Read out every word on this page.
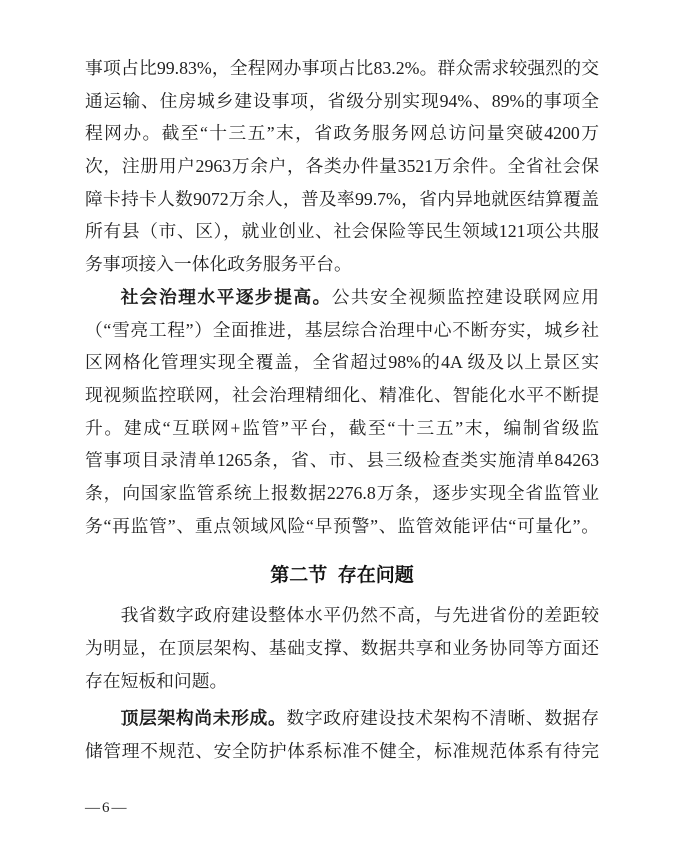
事项占比99.83%，全程网办事项占比83.2%。群众需求较强烈的交
通运输、住房城乡建设事项，省级分别实现94%、89%的事项全
程网办。截至“十三五”末，省政务服务网总访问量突破4200万
次，注册用户2963万余户，各类办件量3521万余件。全省社会保
障卡持卡人数9072万余人，普及率99.7%，省内异地就医结算覆盖
所有县（市、区），就业创业、社会保险等民生领域121项公共服
务事项接入一体化政务服务平台。
社会治理水平逐步提高。公共安全视频监控建设联网应用
（“雪亮工程”）全面推进，基层综合治理中心不断夯实，城乡社
区网格化管理实现全覆盖，全省超过98%的4A 级及以上景区实
现视频监控联网，社会治理精细化、精准化、智能化水平不断提
升。建成“互联网+监管”平台，截至“十三五”末，编制省级监
管事项目录清单1265条，省、市、县三级检查类实施清单84263
条，向国家监管系统上报数据2276.8万条，逐步实现全省监管业
务“再监管”、重点领域风险“早预警”、监管效能评估“可量化”。
第二节  存在问题
我省数字政府建设整体水平仍然不高，与先进省份的差距较
为明显，在顶层架构、基础支撑、数据共享和业务协同等方面还
存在短板和问题。
顶层架构尚未形成。数字政府建设技术架构不清晰、数据存
储管理不规范、安全防护体系标准不健全，标准规范体系有待完
—6—
